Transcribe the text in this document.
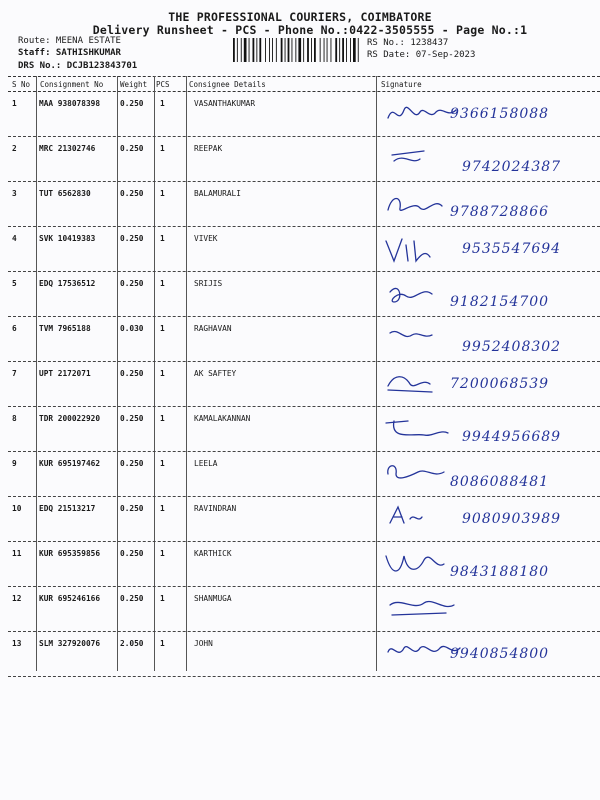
THE PROFESSIONAL COURIERS, COIMBATORE
Delivery Runsheet - PCS - Phone No.:0422-3505555 - Page No.:1
Route: MEENA ESTATE
Staff: SATHISHKUMAR
DRS No.: DCJB123843701
RS No.: 1238437
RS Date: 07-Sep-2023
S No Consignment No Weight PCS	Consignee Details	Signature
1	MAA 938078398	0.250 1	VASANTHAKUMAR
9366158088
2	MRC 21302746	0.250 1	REEPAK
9742024387
3	TUT 6562830	0.250 1	BALAMURALI
9788728866
4	SVK 10419383	0.250 1	VIVEK
9535547694
5	EDQ 17536512	0.250 1	SRIJIS
9182154700
6	TVM 7965188	0.030 1	RAGHAVAN
9952408302
7	UPT 2172071	0.250 1	AK SAFTEY
7200068539
8	TDR 200022920	0.250 1	KAMALAKANNAN
9944956689
9	KUR 695197462	0.250 1	LEELA
8086088481
10 EDQ 21513217	0.250 1	RAVINDRAN
9080903989
11 KUR 695359856	0.250 1	KARTHICK
9843188180
12 KUR 695246166	0.250 1	SHANMUGA
13 SLM 327920076	2.050 1	JOHN
9940854800
